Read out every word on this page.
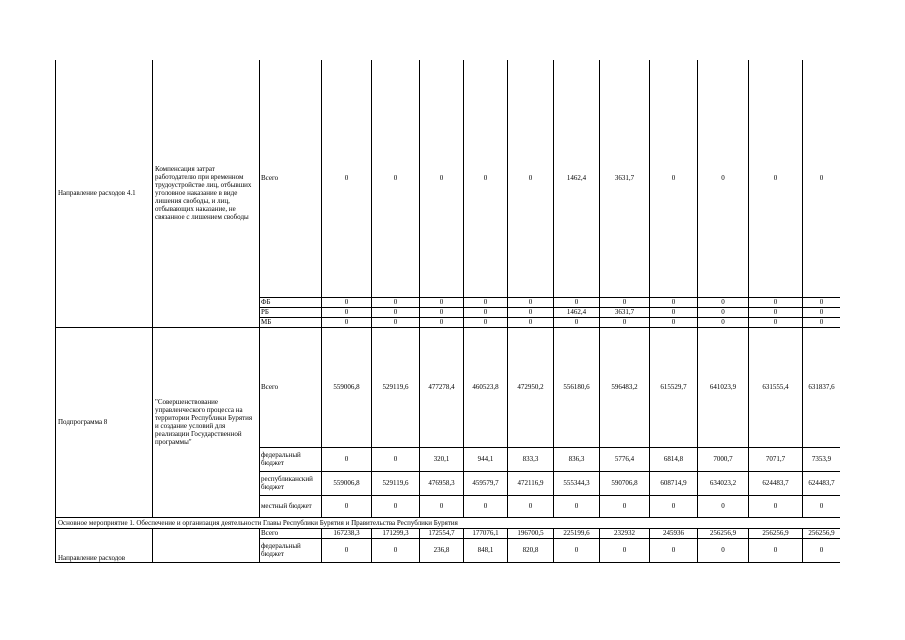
Направление расходов 4.1	Компенсация затрат работодателю при временном трудоустройстве лиц, отбывших уголовное наказание в виде лишения свободы, и лиц, отбывающих наказание, не связанное с лишением свободы	Всего	0	0	0	0	0	1462,4	3631,7	0	0	0	0	
		ФБ	0	0	0	0	0	0	0	0	0	0	0	
		РБ	0	0	0	0	0	1462,4	3631,7	0	0	0	0	
		МБ	0	0	0	0	0	0	0	0	0	0	0	
Подпрограмма 8	"Совершенствование управленческого процесса на территории Республики Бурятия и создание условий для реализации Государственной программы"	Всего	559006,8	529119,6	477278,4	460523,8	472950,2	556180,6	596483,2	615529,7	641023,9	631555,4	631837,6	
		федеральный бюджет	0	0	320,1	944,1	833,3	836,3	5776,4	6814,8	7000,7	7071,7	7353,9	
		республиканский бюджет	559006,8	529119,6	476958,3	459579,7	472116,9	555344,3	590706,8	608714,9	634023,2	624483,7	624483,7	
		местный бюджет	0	0	0	0	0	0	0	0	0	0	0	
Основное мероприятие 1. Обеспечение и организация деятельности Главы Республики Бурятия и Правительства Республики Бурятия														
Направление расходов		Всего	167238,3	171299,3	172554,7	177076,1	196700,5	225199,6	232932	245936	256256,9	256256,9	256256,9	
		федеральный бюджет	0	0	236,8	848,1	820,8	0	0	0	0	0	0	
